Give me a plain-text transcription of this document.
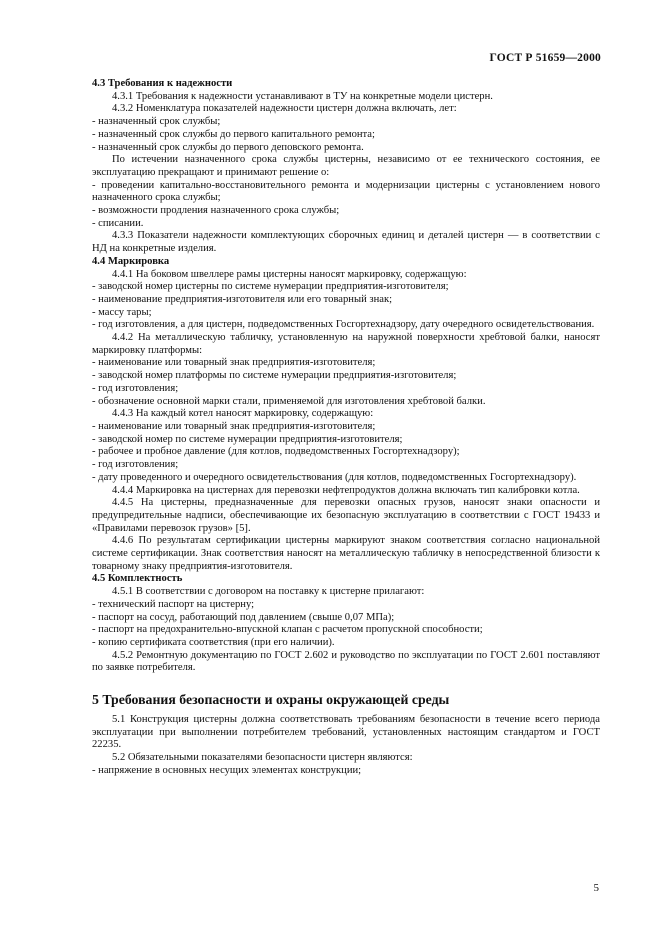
ГОСТ Р 51659—2000

4.3 Требования к надежности

4.3.1 Требования к надежности устанавливают в ТУ на конкретные модели цистерн.

4.3.2 Номенклатура показателей надежности цистерн должна включать, лет:

- назначенный срок службы;

- назначенный срок службы до первого капитального ремонта;

- назначенный срок службы до первого деповского ремонта.

По истечении назначенного срока службы цистерны, независимо от ее технического состояния, ее эксплуатацию прекращают и принимают решение о:

- проведении капитально-восстановительного ремонта и модернизации цистерны с установлением нового назначенного срока службы;

- возможности продления назначенного срока службы;

- списании.

4.3.3 Показатели надежности комплектующих сборочных единиц и деталей цистерн — в соответствии с НД на конкретные изделия.

4.4 Маркировка

4.4.1 На боковом швеллере рамы цистерны наносят маркировку, содержащую:

- заводской номер цистерны по системе нумерации предприятия-изготовителя;

- наименование предприятия-изготовителя или его товарный знак;

- массу тары;

- год изготовления, а для цистерн, подведомственных Госгортехнадзору, дату очередного освидетельствования.

4.4.2 На металлическую табличку, установленную на наружной поверхности хребтовой балки, наносят маркировку платформы:

- наименование или товарный знак предприятия-изготовителя;

- заводской номер платформы по системе нумерации предприятия-изготовителя;

- год изготовления;

- обозначение основной марки стали, применяемой для изготовления хребтовой балки.

4.4.3 На каждый котел наносят маркировку, содержащую:

- наименование или товарный знак предприятия-изготовителя;

- заводской номер по системе нумерации предприятия-изготовителя;

- рабочее и пробное давление (для котлов, подведомственных Госгортехнадзору);

- год изготовления;

- дату проведенного и очередного освидетельствования (для котлов, подведомственных Госгортехнадзору).

4.4.4 Маркировка на цистернах для перевозки нефтепродуктов должна включать тип калибровки котла.

4.4.5 На цистерны, предназначенные для перевозки опасных грузов, наносят знаки опасности и предупредительные надписи, обеспечивающие их безопасную эксплуатацию в соответствии с ГОСТ 19433 и «Правилами перевозок грузов» [5].

4.4.6 По результатам сертификации цистерны маркируют знаком соответствия согласно национальной системе сертификации. Знак соответствия наносят на металлическую табличку в непосредственной близости к товарному знаку предприятия-изготовителя.

4.5 Комплектность

4.5.1 В соответствии с договором на поставку к цистерне прилагают:

- технический паспорт на цистерну;

- паспорт на сосуд, работающий под давлением (свыше 0,07 МПа);

- паспорт на предохранительно-впускной клапан с расчетом пропускной способности;

- копию сертификата соответствия (при его наличии).

4.5.2 Ремонтную документацию по ГОСТ 2.602 и руководство по эксплуатации по ГОСТ 2.601 поставляют по заявке потребителя.

5 Требования безопасности и охраны окружающей среды

5.1 Конструкция цистерны должна соответствовать требованиям безопасности в течение всего периода эксплуатации при выполнении потребителем требований, установленных настоящим стандартом и ГОСТ 22235.

5.2 Обязательными показателями безопасности цистерн являются:

- напряжение в основных несущих элементах конструкции;

5
